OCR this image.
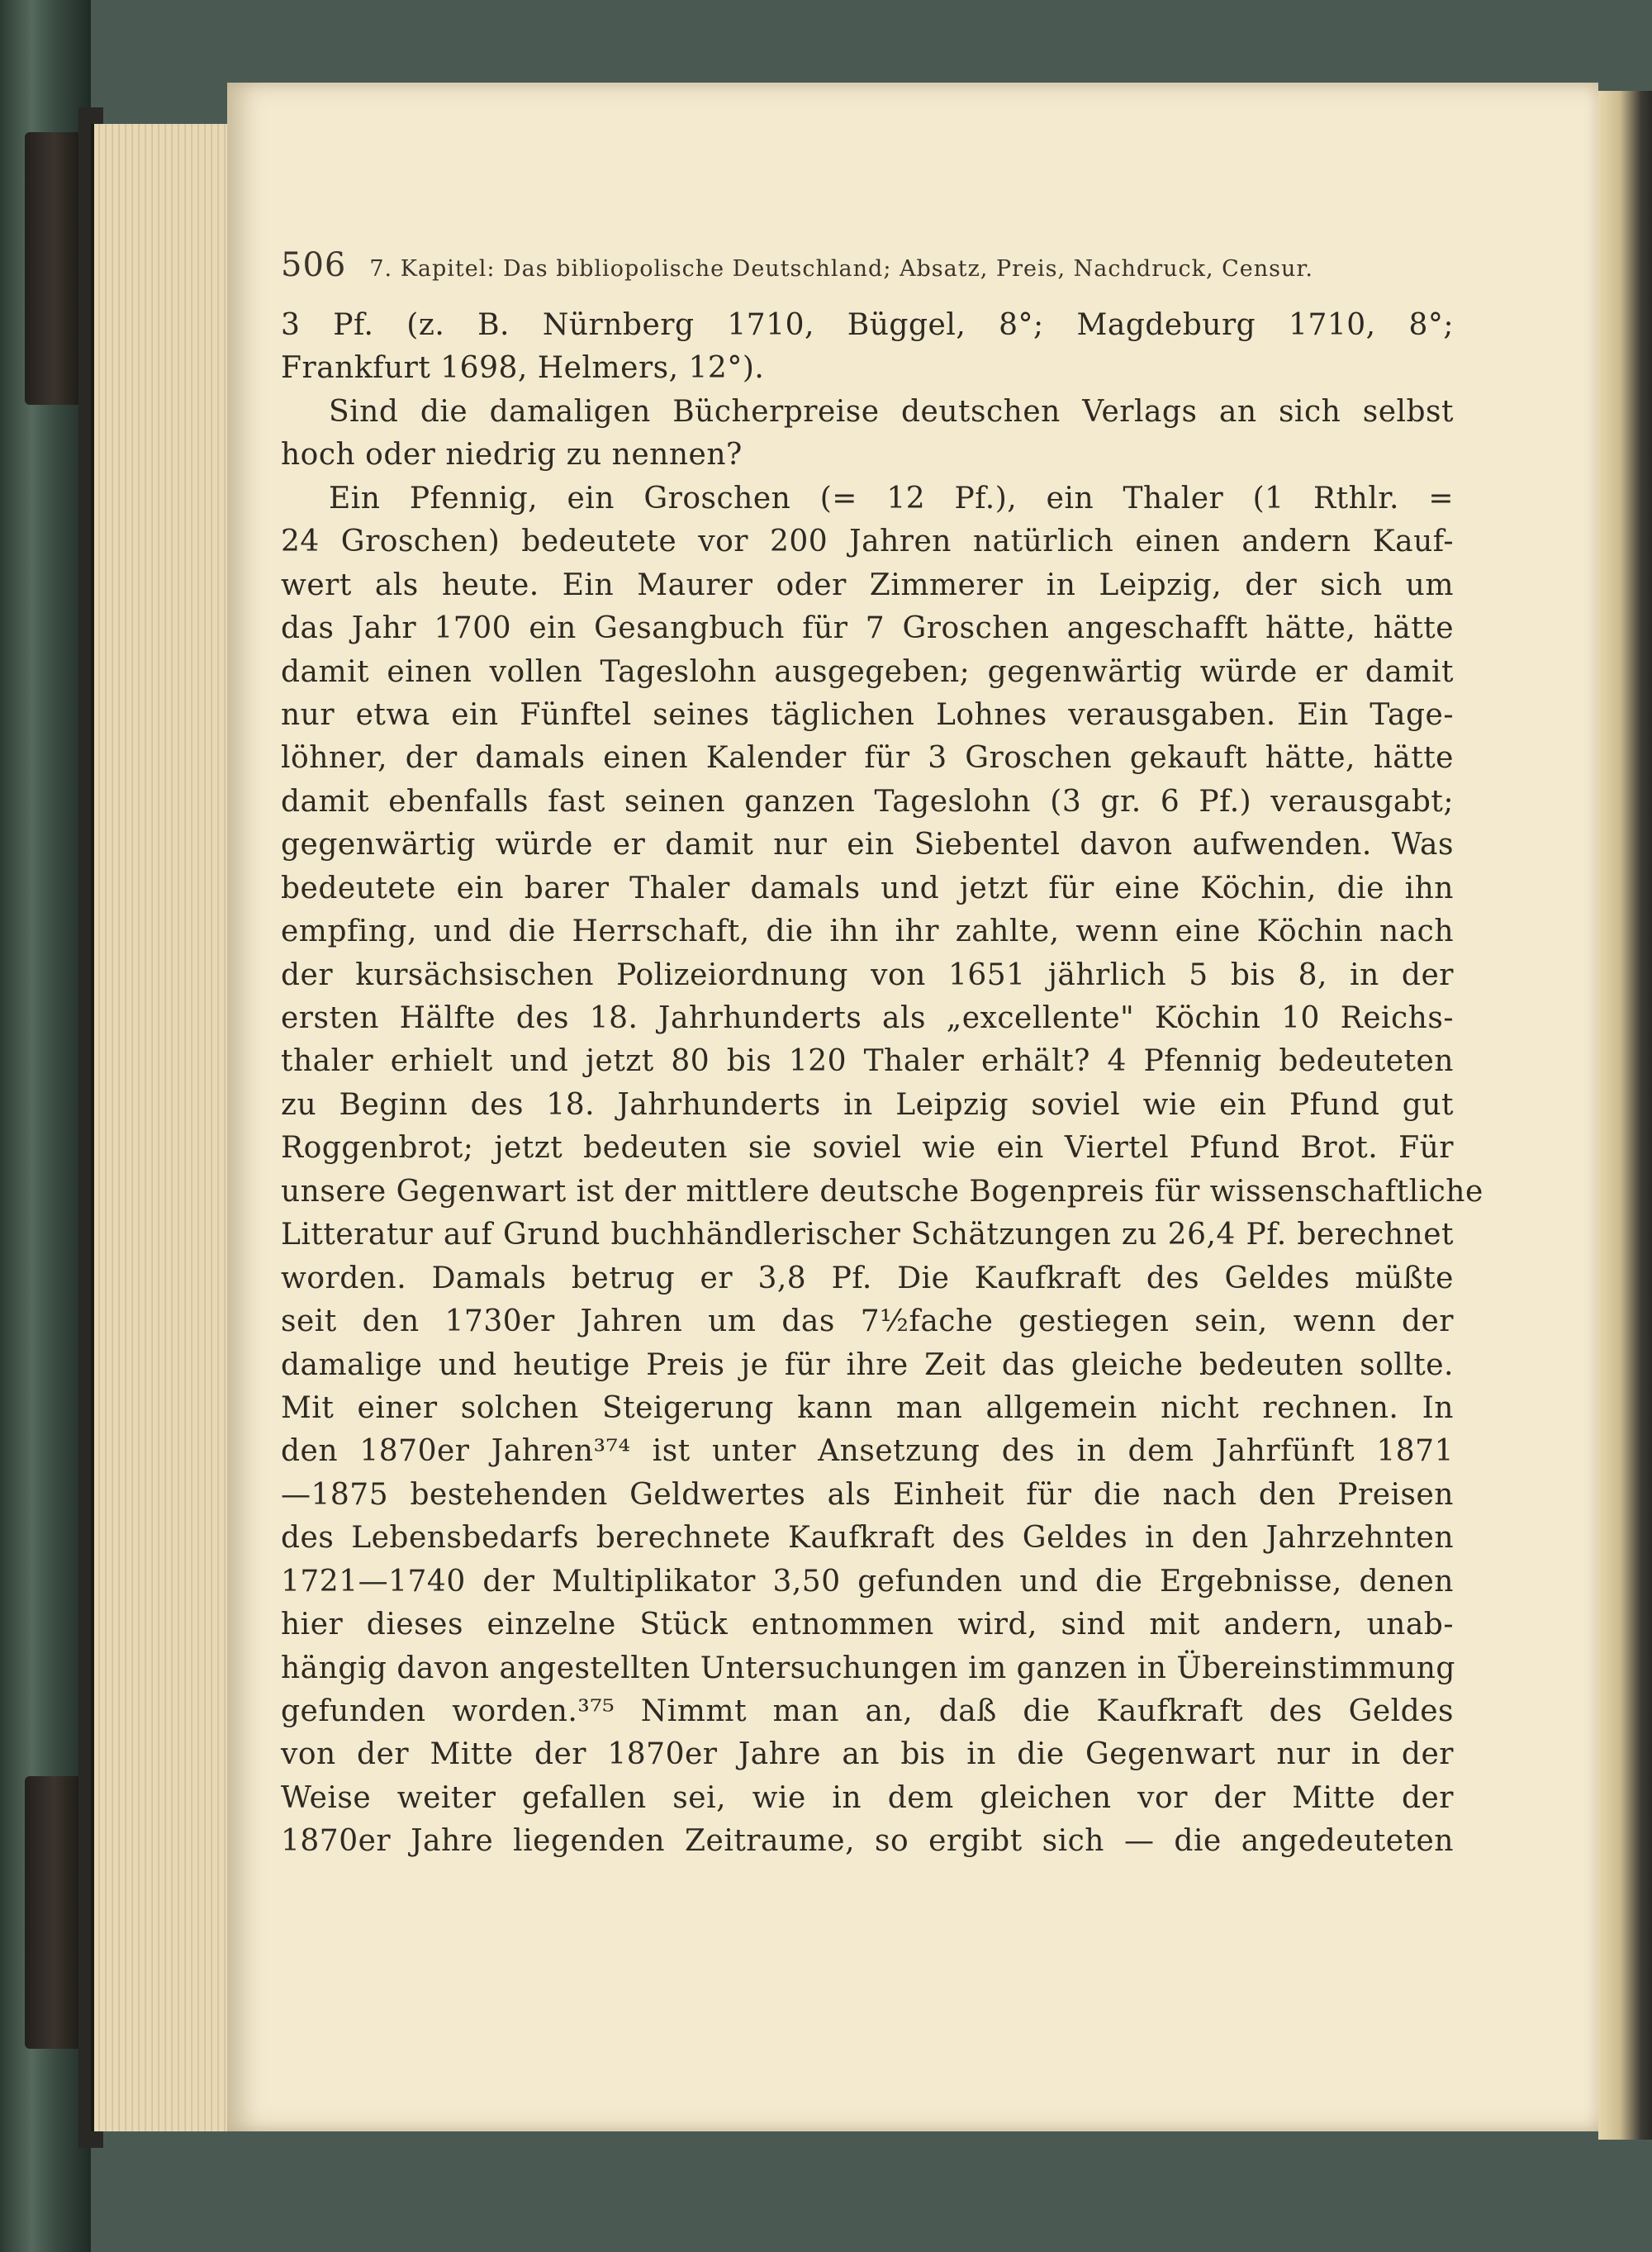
506 7. Kapitel: Das bibliopolische Deutschland; Absatz, Preis, Nachdruck, Censur.
3 Pf. (z. B. Nürnberg 1710, Büggel, 8°; Magdeburg 1710, 8°;
Frankfurt 1698, Helmers, 12°).
Sind die damaligen Bücherpreise deutschen Verlags an sich selbst
hoch oder niedrig zu nennen?
Ein Pfennig, ein Groschen (= 12 Pf.), ein Thaler (1 Rthlr. =
24 Groschen) bedeutete vor 200 Jahren natürlich einen andern Kauf-
wert als heute. Ein Maurer oder Zimmerer in Leipzig, der sich um
das Jahr 1700 ein Gesangbuch für 7 Groschen angeschafft hätte, hätte
damit einen vollen Tageslohn ausgegeben; gegenwärtig würde er damit
nur etwa ein Fünftel seines täglichen Lohnes verausgaben. Ein Tage-
löhner, der damals einen Kalender für 3 Groschen gekauft hätte, hätte
damit ebenfalls fast seinen ganzen Tageslohn (3 gr. 6 Pf.) verausgabt;
gegenwärtig würde er damit nur ein Siebentel davon aufwenden. Was
bedeutete ein barer Thaler damals und jetzt für eine Köchin, die ihn
empfing, und die Herrschaft, die ihn ihr zahlte, wenn eine Köchin nach
der kursächsischen Polizeiordnung von 1651 jährlich 5 bis 8, in der
ersten Hälfte des 18. Jahrhunderts als „excellente" Köchin 10 Reichs-
thaler erhielt und jetzt 80 bis 120 Thaler erhält? 4 Pfennig bedeuteten
zu Beginn des 18. Jahrhunderts in Leipzig soviel wie ein Pfund gut
Roggenbrot; jetzt bedeuten sie soviel wie ein Viertel Pfund Brot. Für
unsere Gegenwart ist der mittlere deutsche Bogenpreis für wissenschaftliche
Litteratur auf Grund buchhändlerischer Schätzungen zu 26,4 Pf. berechnet
worden. Damals betrug er 3,8 Pf. Die Kaufkraft des Geldes müßte
seit den 1730er Jahren um das 7½fache gestiegen sein, wenn der
damalige und heutige Preis je für ihre Zeit das gleiche bedeuten sollte.
Mit einer solchen Steigerung kann man allgemein nicht rechnen. In
den 1870er Jahren³⁷⁴ ist unter Ansetzung des in dem Jahrfünft 1871
—1875 bestehenden Geldwertes als Einheit für die nach den Preisen
des Lebensbedarfs berechnete Kaufkraft des Geldes in den Jahrzehnten
1721—1740 der Multiplikator 3,50 gefunden und die Ergebnisse, denen
hier dieses einzelne Stück entnommen wird, sind mit andern, unab-
hängig davon angestellten Untersuchungen im ganzen in Übereinstimmung
gefunden worden.³⁷⁵ Nimmt man an, daß die Kaufkraft des Geldes
von der Mitte der 1870er Jahre an bis in die Gegenwart nur in der
Weise weiter gefallen sei, wie in dem gleichen vor der Mitte der
1870er Jahre liegenden Zeitraume, so ergibt sich — die angedeuteten
